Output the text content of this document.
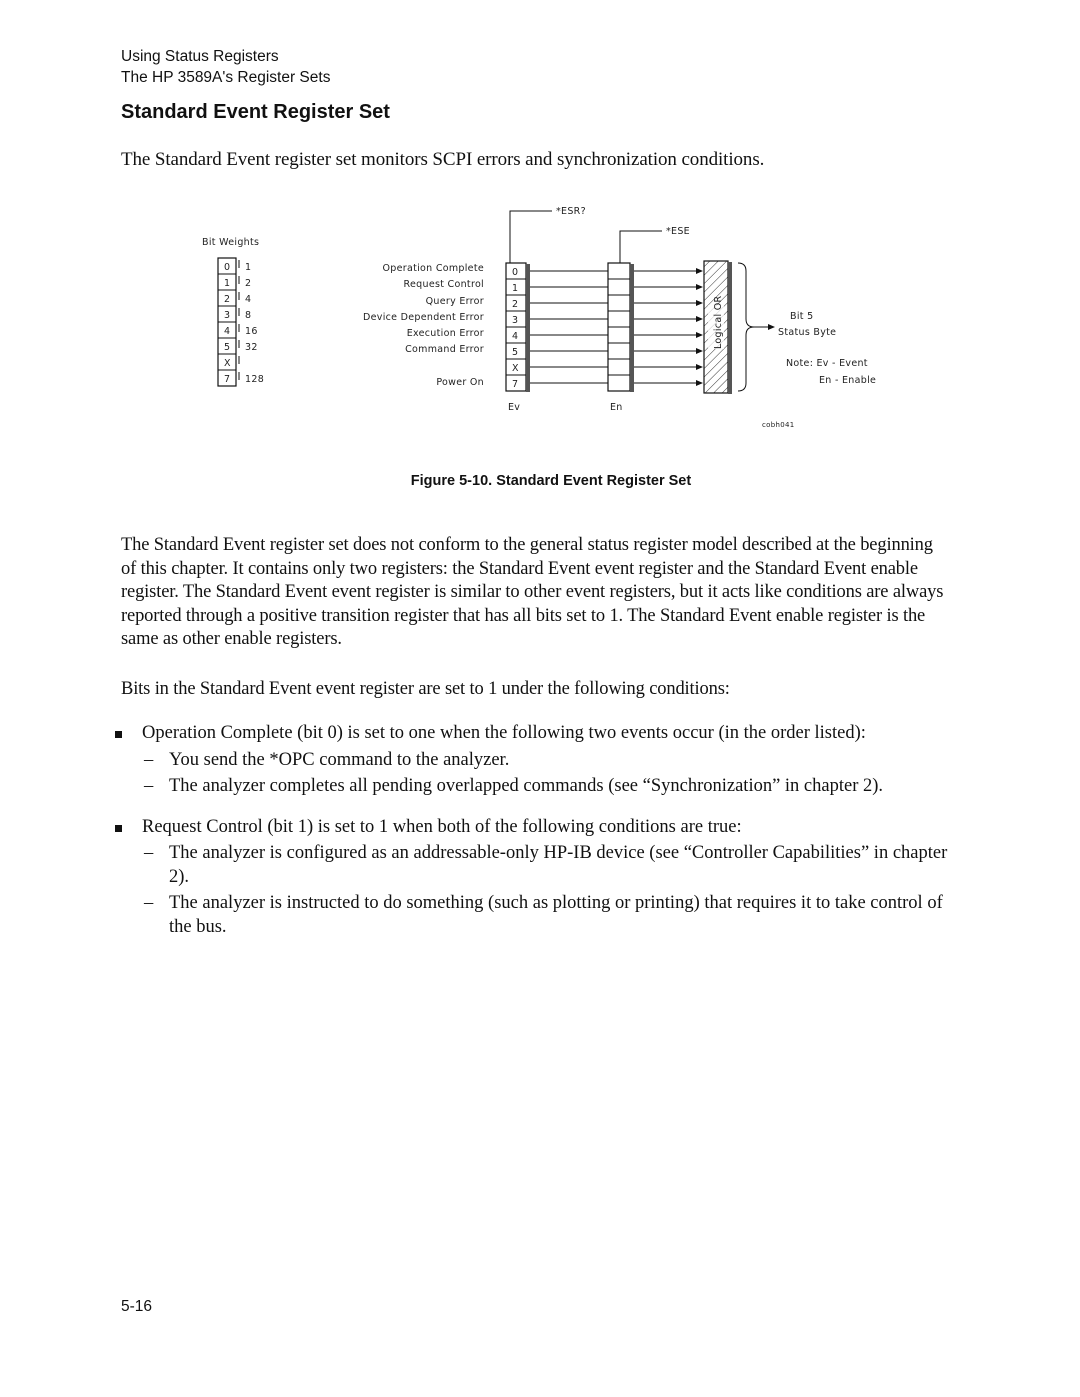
Using Status Registers
The HP 3589A's Register Sets
Standard Event Register Set
The Standard Event register set monitors SCPI errors and synchronization conditions.
Bit Weights
0
1
2
3
4
5
X
7
1
2
4
8
16
32
128
Operation Complete
Request Control
Query Error
Device Dependent Error
Execution Error
Command Error
Power On
*ESR?
0
1
2
3
4
5
X
7
Ev
*ESE
En
Logical OR	Bit 5
Status Byte
Note: Ev - Event
En - Enable
cobh041
Figure 5-10. Standard Event Register Set
The Standard Event register set does not conform to the general status register model described at the beginning of this chapter. It contains only two registers: the Standard Event event register and the Standard Event enable register. The Standard Event event register is similar to other event registers, but it acts like conditions are always reported through a positive transition register that has all bits set to 1. The Standard Event enable register is the same as other enable registers.
Bits in the Standard Event event register are set to 1 under the following conditions:
Operation Complete (bit 0) is set to one when the following two events occur (in the order listed):
– You send the *OPC command to the analyzer.
– The analyzer completes all pending overlapped commands (see “Synchronization” in chapter 2).
Request Control (bit 1) is set to 1 when both of the following conditions are true:
– The analyzer is configured as an addressable-only HP-IB device (see “Controller Capabilities” in chapter 2).
– The analyzer is instructed to do something (such as plotting or printing) that requires it to take control of the bus.
5-16
